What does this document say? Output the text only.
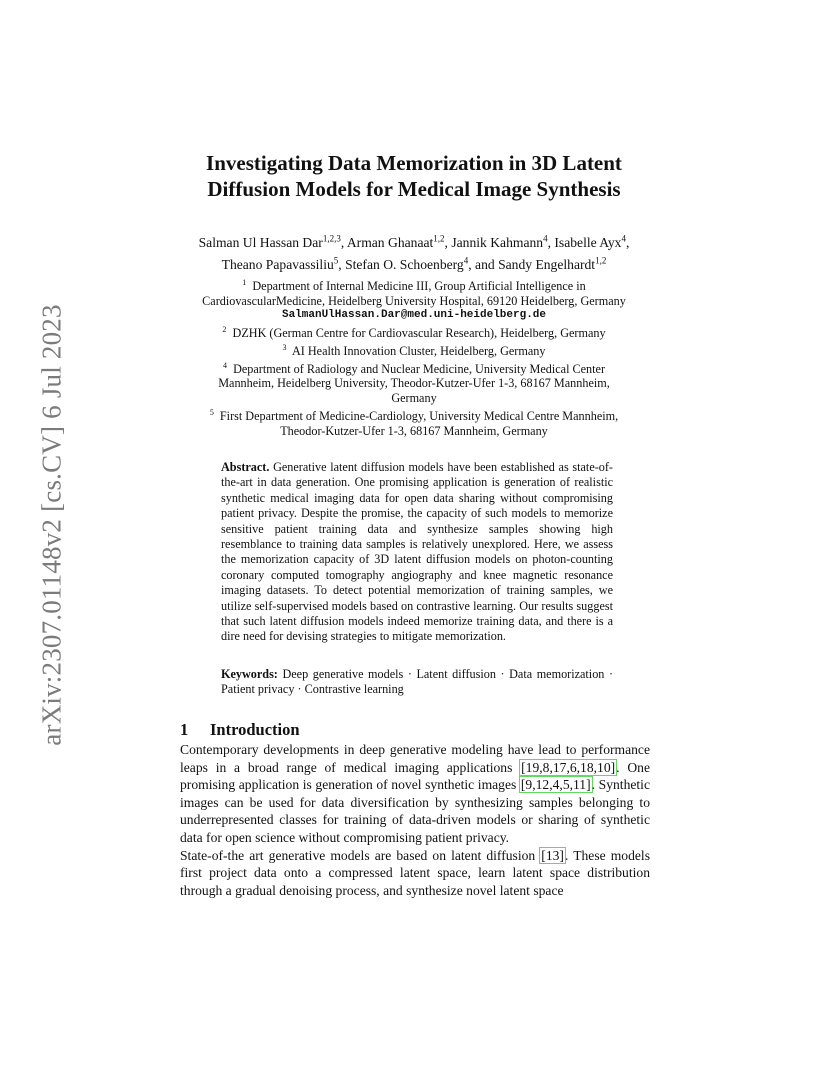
arXiv:2307.01148v2 [cs.CV] 6 Jul 2023
Investigating Data Memorization in 3D Latent
Diffusion Models for Medical Image Synthesis
Salman Ul Hassan Dar$^{1,2,3}$, Arman Ghanaat$^{1,2}$, Jannik Kahmann$^4$, Isabelle Ayx$^4$, Theano Papavassiliu$^5$, Stefan O. Schoenberg$^4$, and Sandy Engelhardt$^{1,2}$
$^1$ Department of Internal Medicine III, Group Artificial Intelligence in
CardiovascularMedicine, Heidelberg University Hospital, 69120 Heidelberg, Germany
SalmanUlHassan.Dar@med.uni-heidelberg.de
$^2$ DZHK (German Centre for Cardiovascular Research), Heidelberg, Germany
$^3$ AI Health Innovation Cluster, Heidelberg, Germany
$^4$ Department of Radiology and Nuclear Medicine, University Medical Center
Mannheim, Heidelberg University, Theodor-Kutzer-Ufer 1-3, 68167 Mannheim,
Germany
$^5$ First Department of Medicine-Cardiology, University Medical Centre Mannheim,
Theodor-Kutzer-Ufer 1-3, 68167 Mannheim, Germany
Abstract. Generative latent diffusion models have been established as state-of-the-art in data generation. One promising application is generation of realistic synthetic medical imaging data for open data sharing without compromising patient privacy. Despite the promise, the capacity of such models to memorize sensitive patient training data and synthesize samples showing high resemblance to training data samples is relatively unexplored. Here, we assess the memorization capacity of 3D latent diffusion models on photon-counting coronary computed tomography angiography and knee magnetic resonance imaging datasets. To detect potential memorization of training samples, we utilize self-supervised models based on contrastive learning. Our results suggest that such latent diffusion models indeed memorize training data, and there is a dire need for devising strategies to mitigate memorization.
Keywords: Deep generative models · Latent diffusion · Data memorization · Patient privacy · Contrastive learning
1 Introduction
Contemporary developments in deep generative modeling have lead to performance leaps in a broad range of medical imaging applications [19,8,17,6,18,10]. One promising application is generation of novel synthetic images [9,12,4,5,11]. Synthetic images can be used for data diversification by synthesizing samples belonging to underrepresented classes for training of data-driven models or sharing of synthetic data for open science without compromising patient privacy.
State-of-the art generative models are based on latent diffusion [13]. These models first project data onto a compressed latent space, learn latent space distribution through a gradual denoising process, and synthesize novel latent space
